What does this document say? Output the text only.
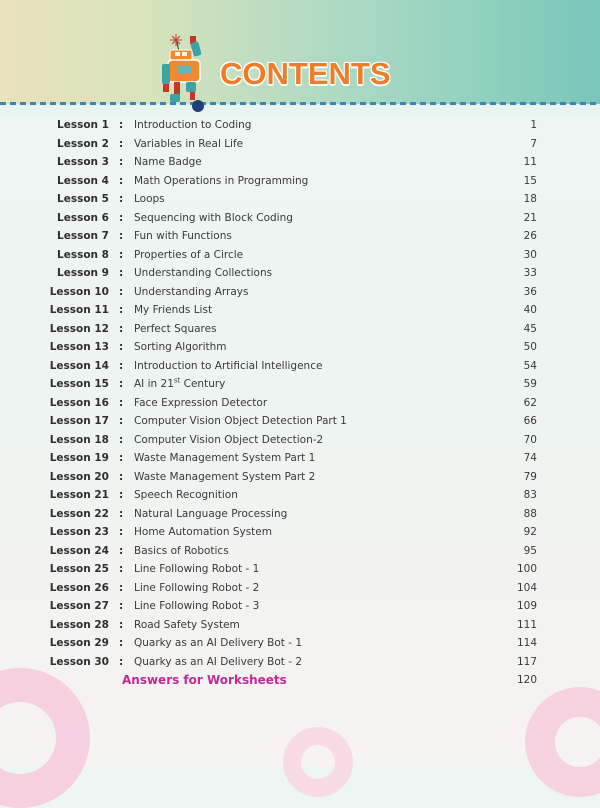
CONTENTS
Lesson 1 : Introduction to Coding	1
Lesson 2 : Variables in Real Life	7
Lesson 3 : Name Badge	11
Lesson 4 : Math Operations in Programming	15
Lesson 5 : Loops	18
Lesson 6 : Sequencing with Block Coding	21
Lesson 7 : Fun with Functions	26
Lesson 8 : Properties of a Circle	30
Lesson 9 : Understanding Collections	33
Lesson 10 : Understanding Arrays	36
Lesson 11 : My Friends List	40
Lesson 12 : Perfect Squares	45
Lesson 13 : Sorting Algorithm	50
Lesson 14 : Introduction to Artificial Intelligence	54
Lesson 15 : AI in 21st Century	59
Lesson 16 : Face Expression Detector	62
Lesson 17 : Computer Vision Object Detection Part 1	66
Lesson 18 : Computer Vision Object Detection-2	70
Lesson 19 : Waste Management System Part 1	74
Lesson 20 : Waste Management System Part 2	79
Lesson 21 : Speech Recognition	83
Lesson 22 : Natural Language Processing	88
Lesson 23 : Home Automation System	92
Lesson 24 : Basics of Robotics	95
Lesson 25 : Line Following Robot - 1	100
Lesson 26 : Line Following Robot - 2	104
Lesson 27 : Line Following Robot - 3	109
Lesson 28 : Road Safety System	111
Lesson 29 : Quarky as an AI Delivery Bot - 1	114
Lesson 30 : Quarky as an AI Delivery Bot - 2	117
Answers for Worksheets	120
